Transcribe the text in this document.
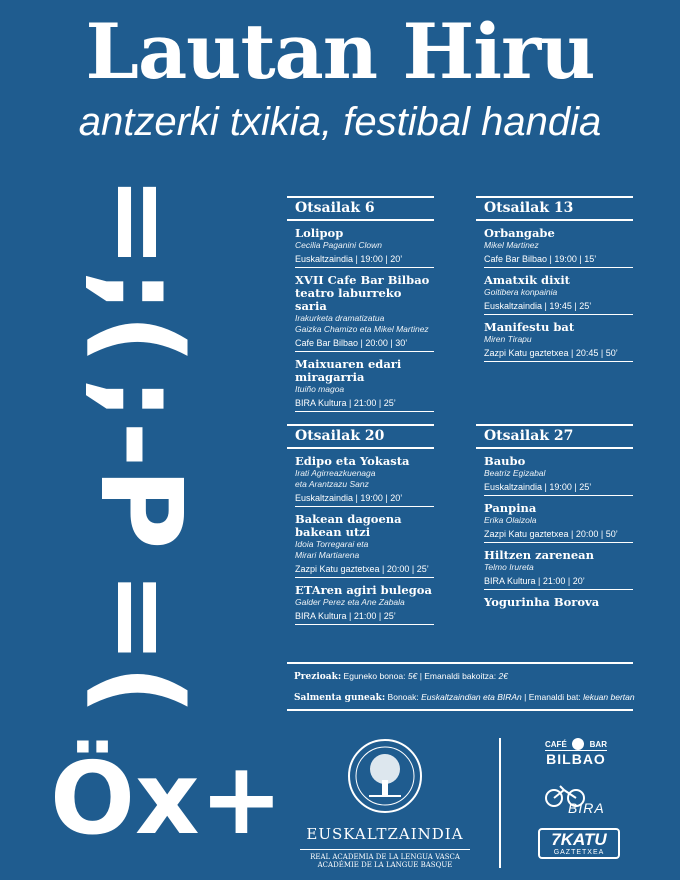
Lautan Hiru
antzerki txikia, festibal handia
=;(
;-P
=(
Öx+
Otsailak 6
Lolipop
Cecilia Paganini Clown
Euskaltzaindia | 19:00 | 20’
XVII Cafe Bar Bilbao teatro laburreko saria
Irakurketa dramatizatua
Gaizka Chamizo eta Mikel Martinez
Cafe Bar Bilbao | 20:00 | 30’
Maixuaren edari miragarria
Ituiño magoa
BIRA Kultura | 21:00 | 25’
Otsailak 20
Edipo eta Yokasta
Irati Agirreazkuenaga
eta Arantzazu Sanz
Euskaltzaindia | 19:00 | 20’
Bakean dagoena bakean utzi
Idoia Torregarai eta
Mirari Martiarena
Zazpi Katu gaztetxea | 20:00 | 25’
ETAren agiri bulegoa
Galder Perez eta Ane Zabala
BIRA Kultura | 21:00 | 25’
Otsailak 13
Orbangabe
Mikel Martinez
Cafe Bar Bilbao | 19:00 | 15’
Amatxik dixit
Goitibera konpainia
Euskaltzaindia | 19:45 | 25’
Manifestu bat
Miren Tirapu
Zazpi Katu gaztetxea | 20:45 | 50’
Otsailak 27
Baubo
Beatriz Egizabal
Euskaltzaindia | 19:00 | 25’
Panpina
Erika Olaizola
Zazpi Katu gaztetxea | 20:00 | 50’
Hiltzen zarenean
Telmo Irureta
BIRA Kultura | 21:00 | 20’
Yogurinha Borova
Prezioak: Eguneko bonoa: 5€ | Emanaldi bakoitza: 2€
Salmenta guneak: Bonoak: Euskaltzaindian eta BIRAn | Emanaldi bat: lekuan bertan
EUSKALTZAINDIA
REAL ACADEMIA DE LA LENGUA VASCA
ACADÉMIE DE LA LANGUE BASQUE
CAFÉ	BAR
BILBAO
BIRA
7KATU
GAZTETXEA
